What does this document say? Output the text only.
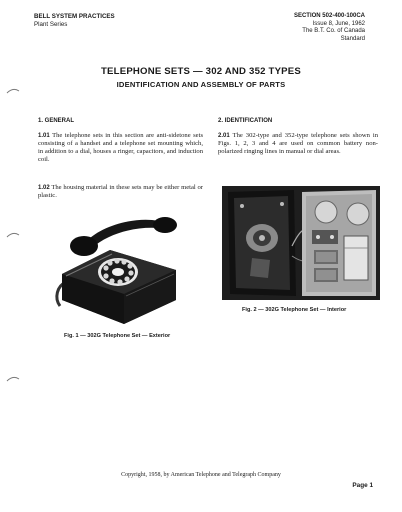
BELL SYSTEM PRACTICES
Plant Series
SECTION 502-400-100CA
Issue 8, June, 1962
The B.T. Co. of Canada
Standard
TELEPHONE SETS — 302 AND 352 TYPES
IDENTIFICATION AND ASSEMBLY OF PARTS
1. GENERAL	2. IDENTIFICATION
1.01 The telephone sets in this section are anti-sidetone sets consisting of a handset and a telephone set mounting which, in addition to a dial, houses a ringer, capacitors, and induction coil.
1.02 The housing material in these sets may be either metal or plastic.
2.01 The 302-type and 352-type telephone sets shown in Figs. 1, 2, 3 and 4 are used on common battery non-polarized ringing lines in manual or dial areas.
Fig. 1 — 302G Telephone Set — Exterior
Fig. 2 — 302G Telephone Set — Interior
Copyright, 1958, by American Telephone and Telegraph Company
Page 1
